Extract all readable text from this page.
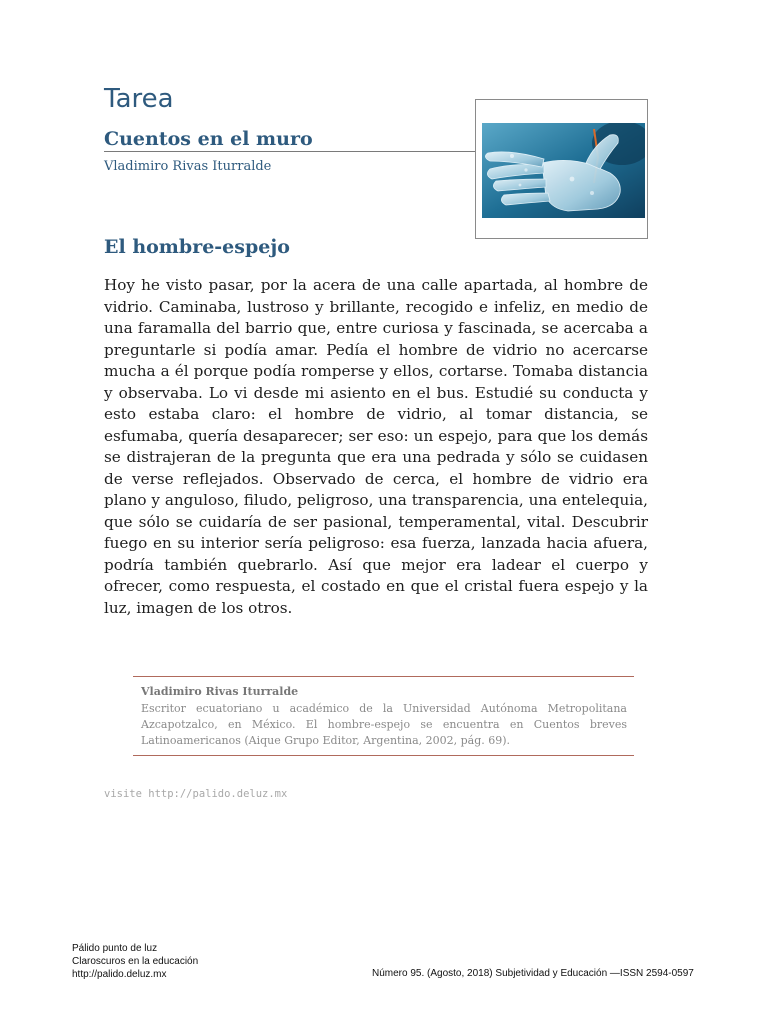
Tarea
Cuentos en el muro
Vladimiro Rivas Iturralde
El hombre-espejo

Hoy he visto pasar, por la acera de una calle apartada, al hombre de vidrio. Caminaba, lustroso y brillante, recogido e infeliz, en medio de una faramalla del barrio que, entre curiosa y fascinada, se acercaba a preguntarle si podía amar. Pedía el hombre de vidrio no acercarse mucha a él porque podía romperse y ellos, cortarse. Tomaba distancia y observaba. Lo vi desde mi asiento en el bus. Estudié su conducta y esto estaba claro: el hombre de vidrio, al tomar distancia, se esfumaba, quería desaparecer; ser eso: un espejo, para que los demás se distrajeran de la pregunta que era una pedrada y sólo se cuidasen de verse reflejados. Observado de cerca, el hombre de vidrio era plano y anguloso, filudo, peligroso, una transparencia, una entelequia, que sólo se cuidaría de ser pasional, temperamental, vital. Descubrir fuego en su interior sería peligroso: esa fuerza, lanzada hacia afuera, podría también quebrarlo. Así que mejor era ladear el cuerpo y ofrecer, como respuesta, el costado en que el cristal fuera espejo y la luz, imagen de los otros.

Vladimiro Rivas Iturralde

Escritor ecuatoriano u académico de la Universidad Autónoma Metropolitana Azcapotzalco, en México. El hombre-espejo se encuentra en Cuentos breves Latinoamericanos (Aique Grupo Editor, Argentina, 2002, pág. 69).

visite http://palido.deluz.mx
Pálido punto de luz
Claroscuros en la educación
http://palido.deluz.mx	Número 95. (Agosto, 2018) Subjetividad y Educación —ISSN 2594-0597
